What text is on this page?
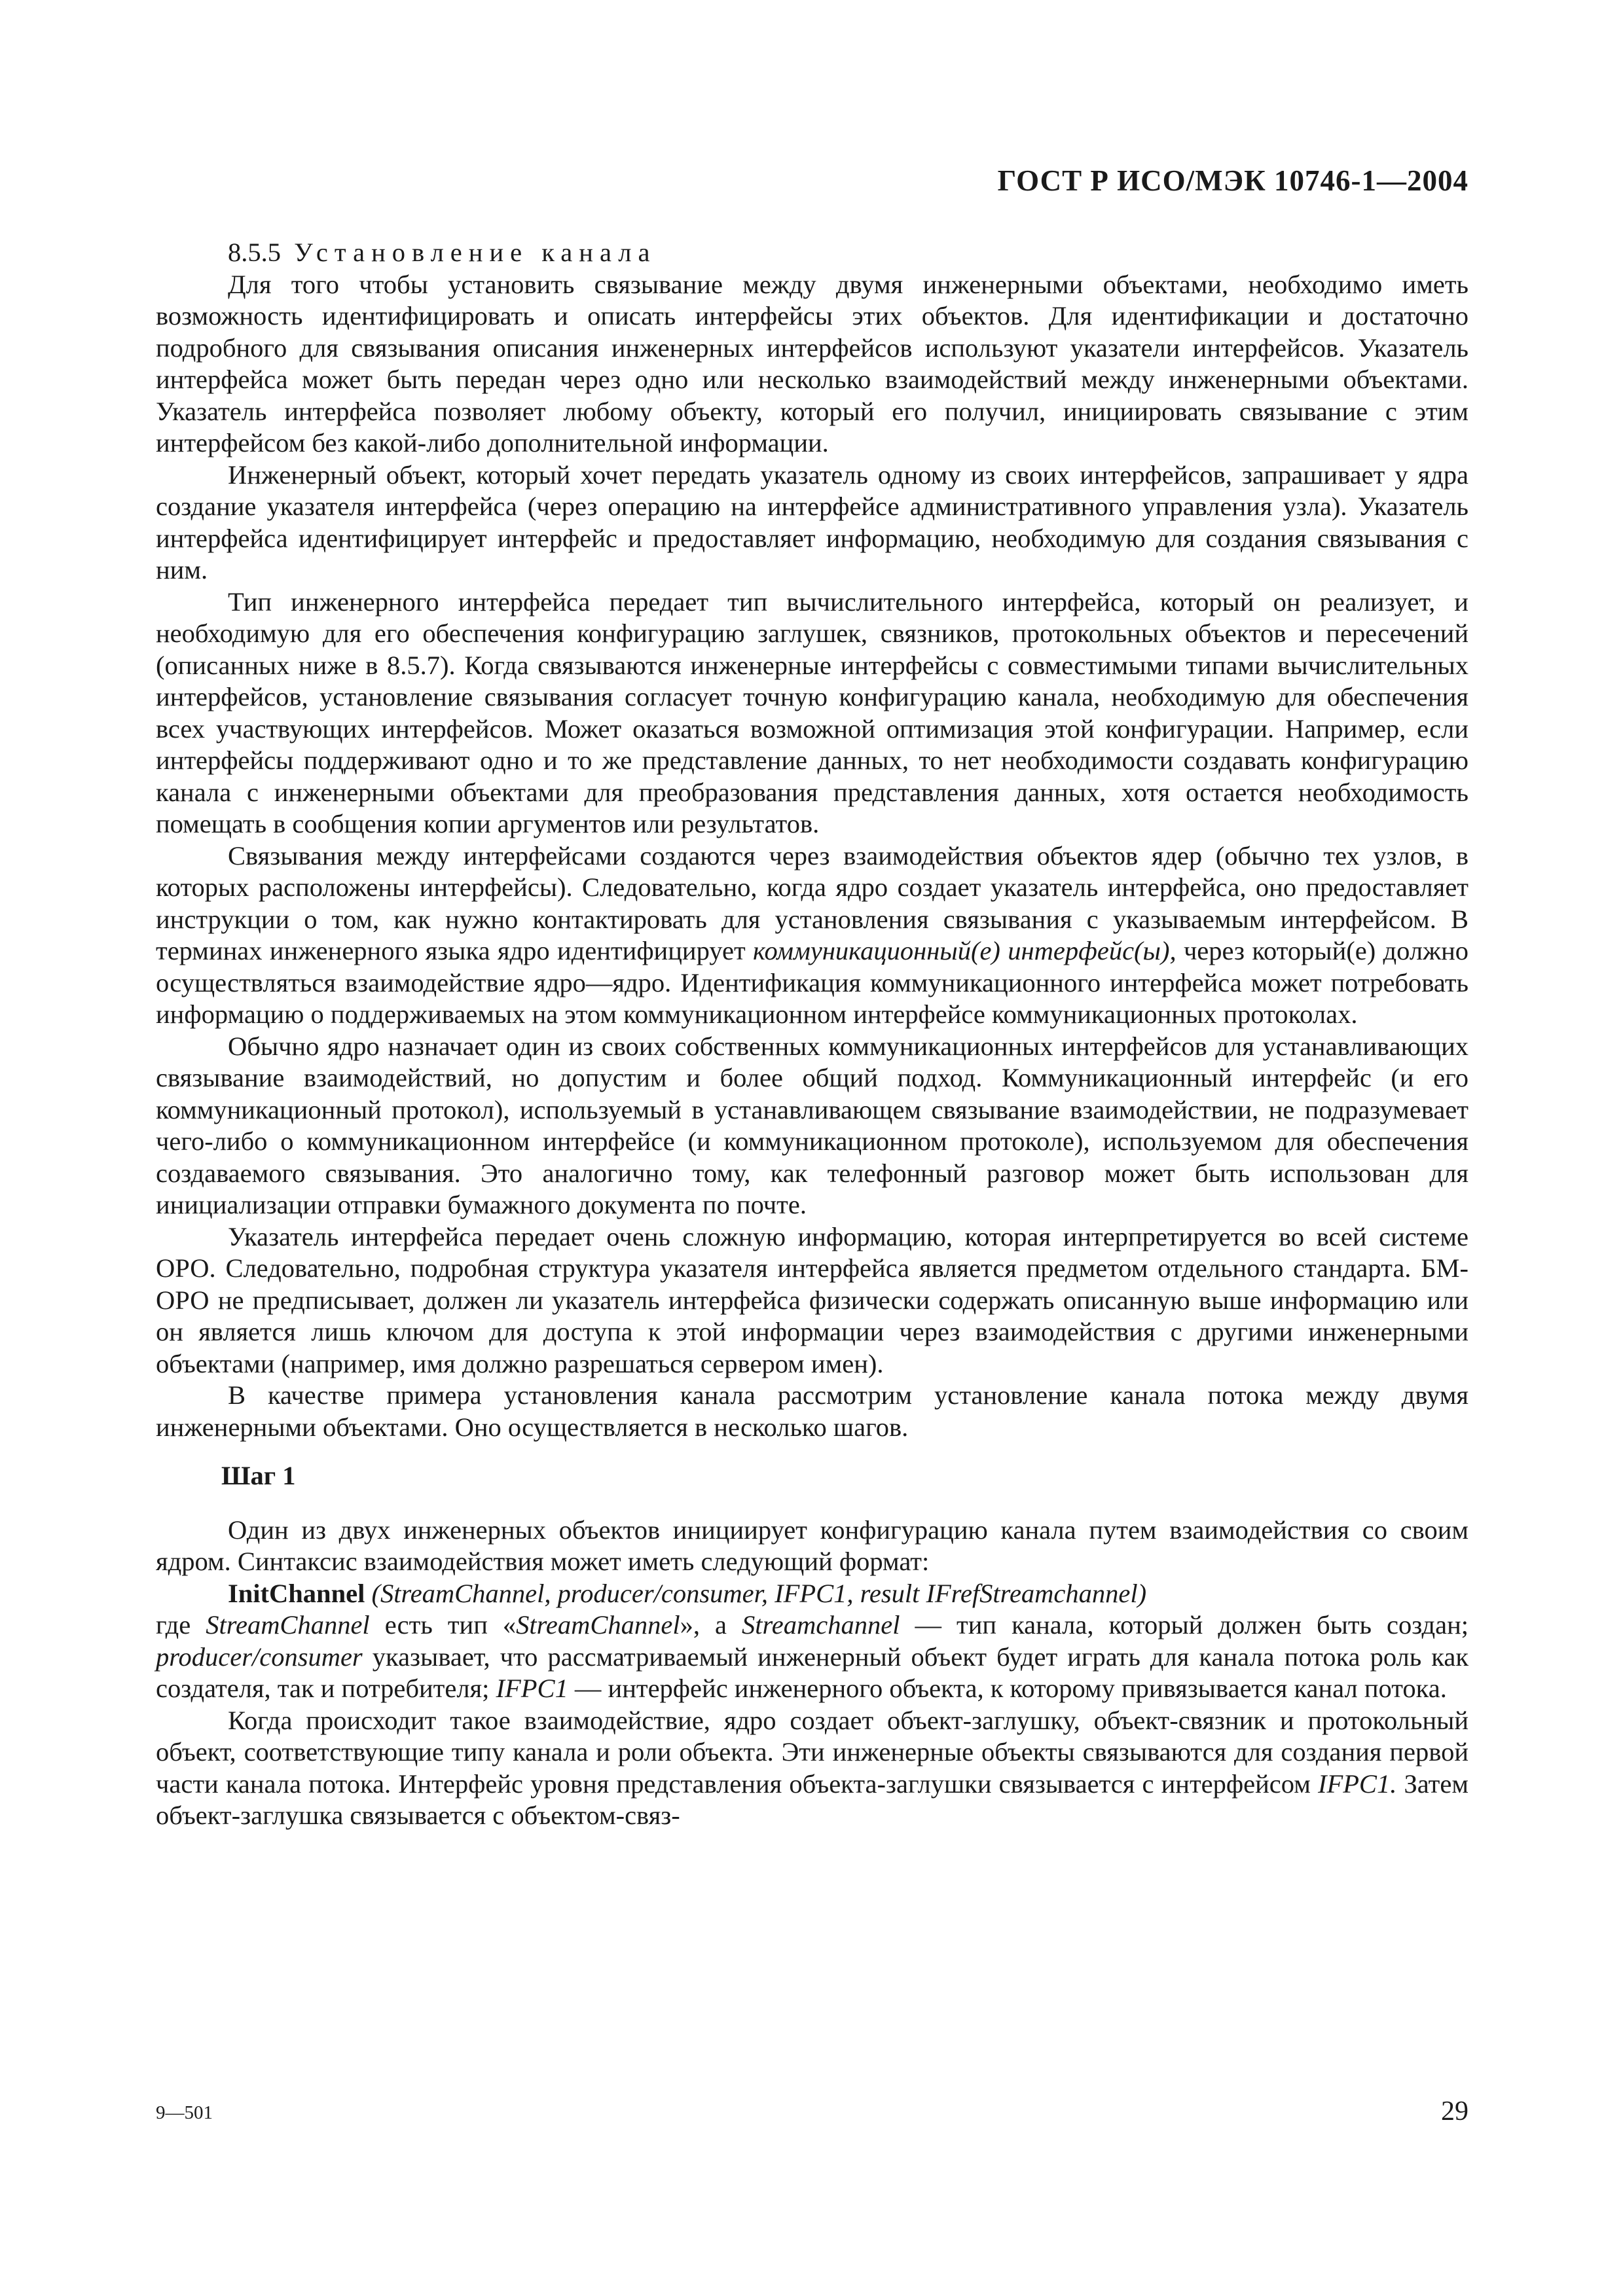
ГОСТ Р ИСО/МЭК 10746-1—2004

8.5.5 Установление канала

Для того чтобы установить связывание между двумя инженерными объектами, необходимо иметь возможность идентифицировать и описать интерфейсы этих объектов. Для идентификации и достаточно подробного для связывания описания инженерных интерфейсов используют указатели интерфейсов. Указатель интерфейса может быть передан через одно или несколько взаимодействий между инженерными объектами. Указатель интерфейса позволяет любому объекту, который его получил, инициировать связывание с этим интерфейсом без какой-либо дополнительной информации.

Инженерный объект, который хочет передать указатель одному из своих интерфейсов, запрашивает у ядра создание указателя интерфейса (через операцию на интерфейсе административного управления узла). Указатель интерфейса идентифицирует интерфейс и предоставляет информацию, необходимую для создания связывания с ним.

Тип инженерного интерфейса передает тип вычислительного интерфейса, который он реализует, и необходимую для его обеспечения конфигурацию заглушек, связников, протокольных объектов и пересечений (описанных ниже в 8.5.7). Когда связываются инженерные интерфейсы с совместимыми типами вычислительных интерфейсов, установление связывания согласует точную конфигурацию канала, необходимую для обеспечения всех участвующих интерфейсов. Может оказаться возможной оптимизация этой конфигурации. Например, если интерфейсы поддерживают одно и то же представление данных, то нет необходимости создавать конфигурацию канала с инженерными объектами для преобразования представления данных, хотя остается необходимость помещать в сообщения копии аргументов или результатов.

Связывания между интерфейсами создаются через взаимодействия объектов ядер (обычно тех узлов, в которых расположены интерфейсы). Следовательно, когда ядро создает указатель интерфейса, оно предоставляет инструкции о том, как нужно контактировать для установления связывания с указываемым интерфейсом. В терминах инженерного языка ядро идентифицирует коммуникационный(е) интерфейс(ы), через который(е) должно осуществляться взаимодействие ядро—ядро. Идентификация коммуникационного интерфейса может потребовать информацию о поддерживаемых на этом коммуникационном интерфейсе коммуникационных протоколах.

Обычно ядро назначает один из своих собственных коммуникационных интерфейсов для устанавливающих связывание взаимодействий, но допустим и более общий подход. Коммуникационный интерфейс (и его коммуникационный протокол), используемый в устанавливающем связывание взаимодействии, не подразумевает чего-либо о коммуникационном интерфейсе (и коммуникационном протоколе), используемом для обеспечения создаваемого связывания. Это аналогично тому, как телефонный разговор может быть использован для инициализации отправки бумажного документа по почте.

Указатель интерфейса передает очень сложную информацию, которая интерпретируется во всей системе ОРО. Следовательно, подробная структура указателя интерфейса является предметом отдельного стандарта. БМ-ОРО не предписывает, должен ли указатель интерфейса физически содержать описанную выше информацию или он является лишь ключом для доступа к этой информации через взаимодействия с другими инженерными объектами (например, имя должно разрешаться сервером имен).

В качестве примера установления канала рассмотрим установление канала потока между двумя инженерными объектами. Оно осуществляется в несколько шагов.

Шаг 1

Один из двух инженерных объектов инициирует конфигурацию канала путем взаимодействия со своим ядром. Синтаксис взаимодействия может иметь следующий формат:

InitChannel (StreamChannel, producer/consumer, IFPC1, result IFrefStreamchannel)

где StreamChannel есть тип «StreamChannel», а Streamchannel — тип канала, который должен быть создан; producer/consumer указывает, что рассматриваемый инженерный объект будет играть для канала потока роль как создателя, так и потребителя; IFPC1 — интерфейс инженерного объекта, к которому привязывается канал потока.

Когда происходит такое взаимодействие, ядро создает объект-заглушку, объект-связник и протокольный объект, соответствующие типу канала и роли объекта. Эти инженерные объекты связываются для создания первой части канала потока. Интерфейс уровня представления объекта-заглушки связывается с интерфейсом IFPC1. Затем объект-заглушка связывается с объектом-связ-

9—501	29
